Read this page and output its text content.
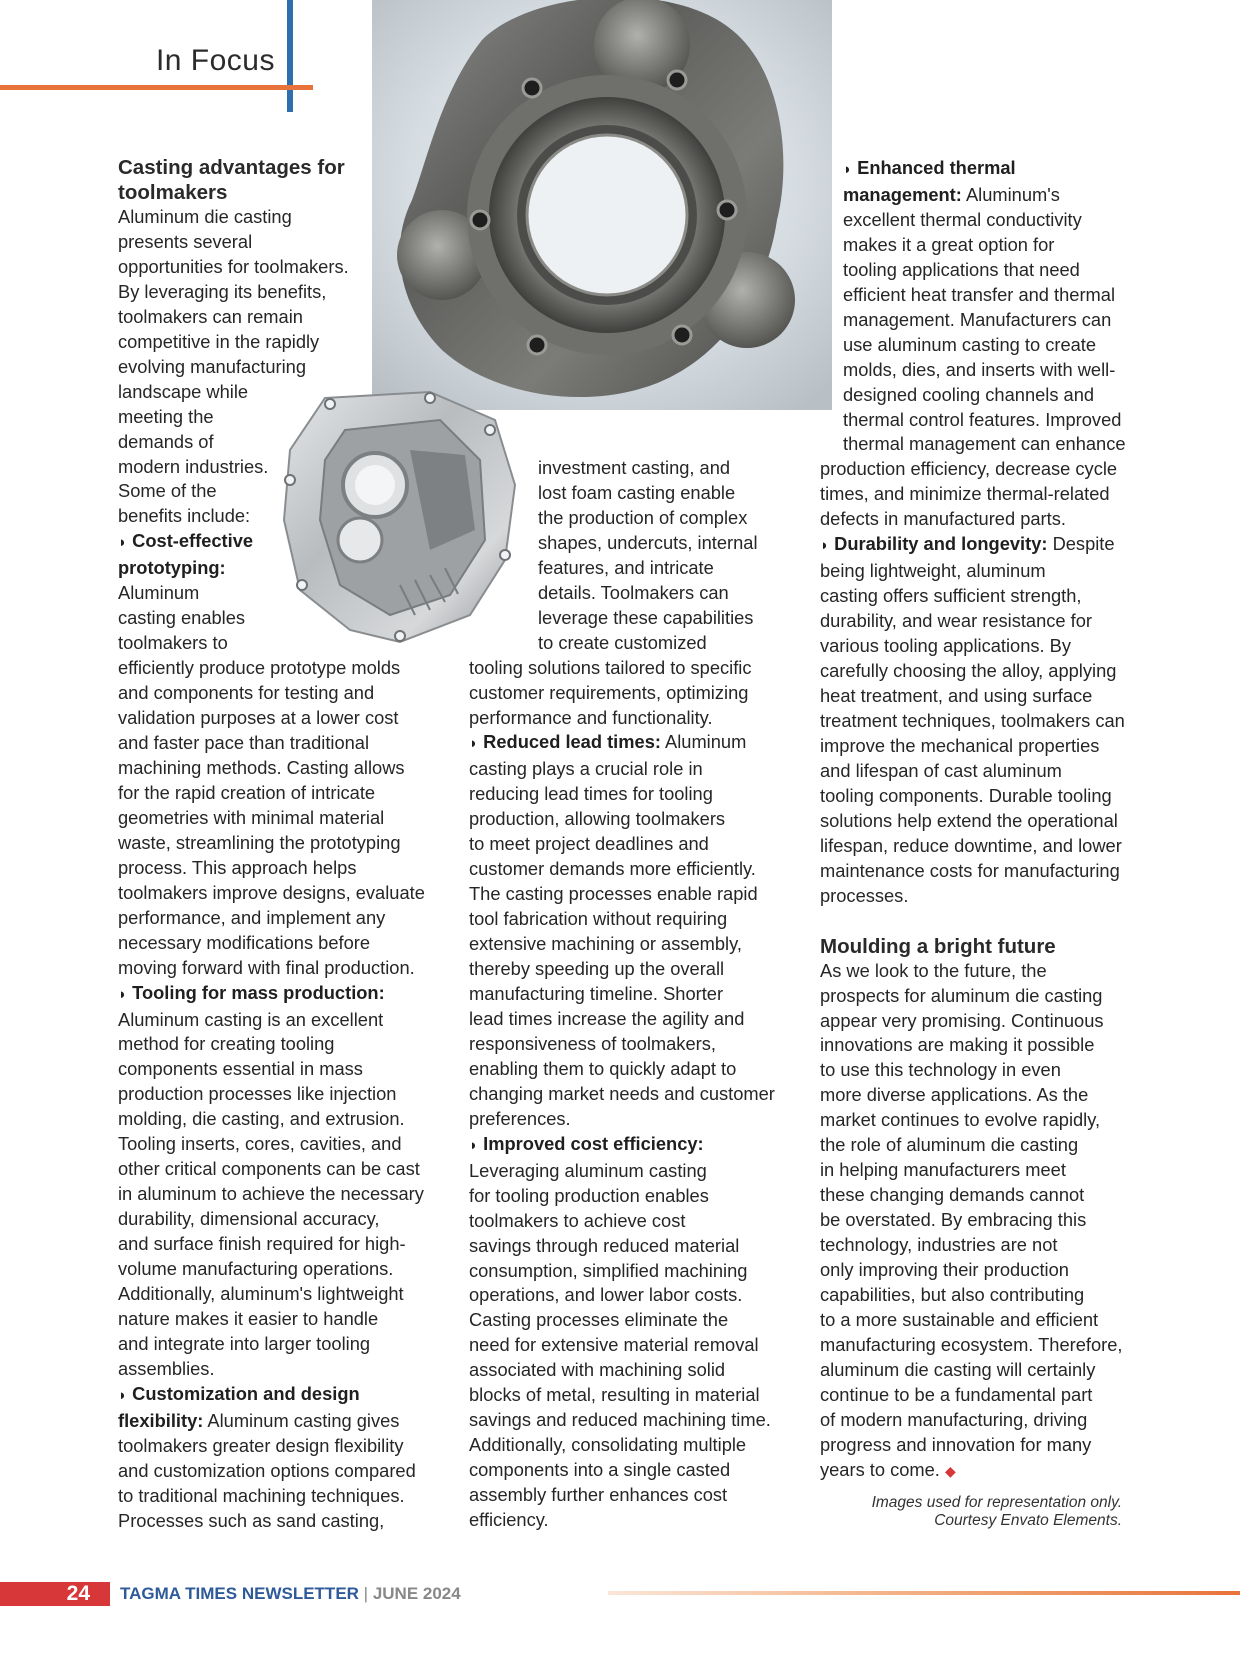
In Focus
Casting advantages for toolmakers
Aluminum die casting
presents several
opportunities for toolmakers.
By leveraging its benefits,
toolmakers can remain
competitive in the rapidly
evolving manufacturing
landscape while
meeting the
demands of
modern industries.
Some of the
benefits include:
◗ Cost-effective prototyping:
Aluminum
casting enables
toolmakers to
efficiently produce prototype molds
and components for testing and
validation purposes at a lower cost
and faster pace than traditional
machining methods. Casting allows
for the rapid creation of intricate
geometries with minimal material
waste, streamlining the prototyping
process. This approach helps
toolmakers improve designs, evaluate
performance, and implement any
necessary modifications before
moving forward with final production.
◗ Tooling for mass production:
Aluminum casting is an excellent
method for creating tooling
components essential in mass
production processes like injection
molding, die casting, and extrusion.
Tooling inserts, cores, cavities, and
other critical components can be cast
in aluminum to achieve the necessary
durability, dimensional accuracy,
and surface finish required for high-
volume manufacturing operations.
Additionally, aluminum's lightweight
nature makes it easier to handle
and integrate into larger tooling
assemblies.
◗ Customization and design
flexibility: Aluminum casting gives
toolmakers greater design flexibility
and customization options compared
to traditional machining techniques.
Processes such as sand casting,
investment casting, and
lost foam casting enable
the production of complex
shapes, undercuts, internal
features, and intricate
details. Toolmakers can
leverage these capabilities
to create customized
tooling solutions tailored to specific
customer requirements, optimizing
performance and functionality.
◗ Reduced lead times: Aluminum
casting plays a crucial role in
reducing lead times for tooling
production, allowing toolmakers
to meet project deadlines and
customer demands more efficiently.
The casting processes enable rapid
tool fabrication without requiring
extensive machining or assembly,
thereby speeding up the overall
manufacturing timeline. Shorter
lead times increase the agility and
responsiveness of toolmakers,
enabling them to quickly adapt to
changing market needs and customer
preferences.
◗ Improved cost efficiency:
Leveraging aluminum casting
for tooling production enables
toolmakers to achieve cost
savings through reduced material
consumption, simplified machining
operations, and lower labor costs.
Casting processes eliminate the
need for extensive material removal
associated with machining solid
blocks of metal, resulting in material
savings and reduced machining time.
Additionally, consolidating multiple
components into a single casted
assembly further enhances cost
efficiency.
◗ Enhanced thermal
management: Aluminum's
excellent thermal conductivity
makes it a great option for
tooling applications that need
efficient heat transfer and thermal
management. Manufacturers can
use aluminum casting to create
molds, dies, and inserts with well-
designed cooling channels and
thermal control features. Improved
thermal management can enhance
production efficiency, decrease cycle
times, and minimize thermal-related
defects in manufactured parts.
◗ Durability and longevity: Despite
being lightweight, aluminum
casting offers sufficient strength,
durability, and wear resistance for
various tooling applications. By
carefully choosing the alloy, applying
heat treatment, and using surface
treatment techniques, toolmakers can
improve the mechanical properties
and lifespan of cast aluminum
tooling components. Durable tooling
solutions help extend the operational
lifespan, reduce downtime, and lower
maintenance costs for manufacturing
processes.
Moulding a bright future
As we look to the future, the
prospects for aluminum die casting
appear very promising. Continuous
innovations are making it possible
to use this technology in even
more diverse applications. As the
market continues to evolve rapidly,
the role of aluminum die casting
in helping manufacturers meet
these changing demands cannot
be overstated. By embracing this
technology, industries are not
only improving their production
capabilities, but also contributing
to a more sustainable and efficient
manufacturing ecosystem. Therefore,
aluminum die casting will certainly
continue to be a fundamental part
of modern manufacturing, driving
progress and innovation for many
years to come. ◆
Images used for representation only.
Courtesy Envato Elements.
24	TAGMA TIMES NEWSLETTER | JUNE 2024
